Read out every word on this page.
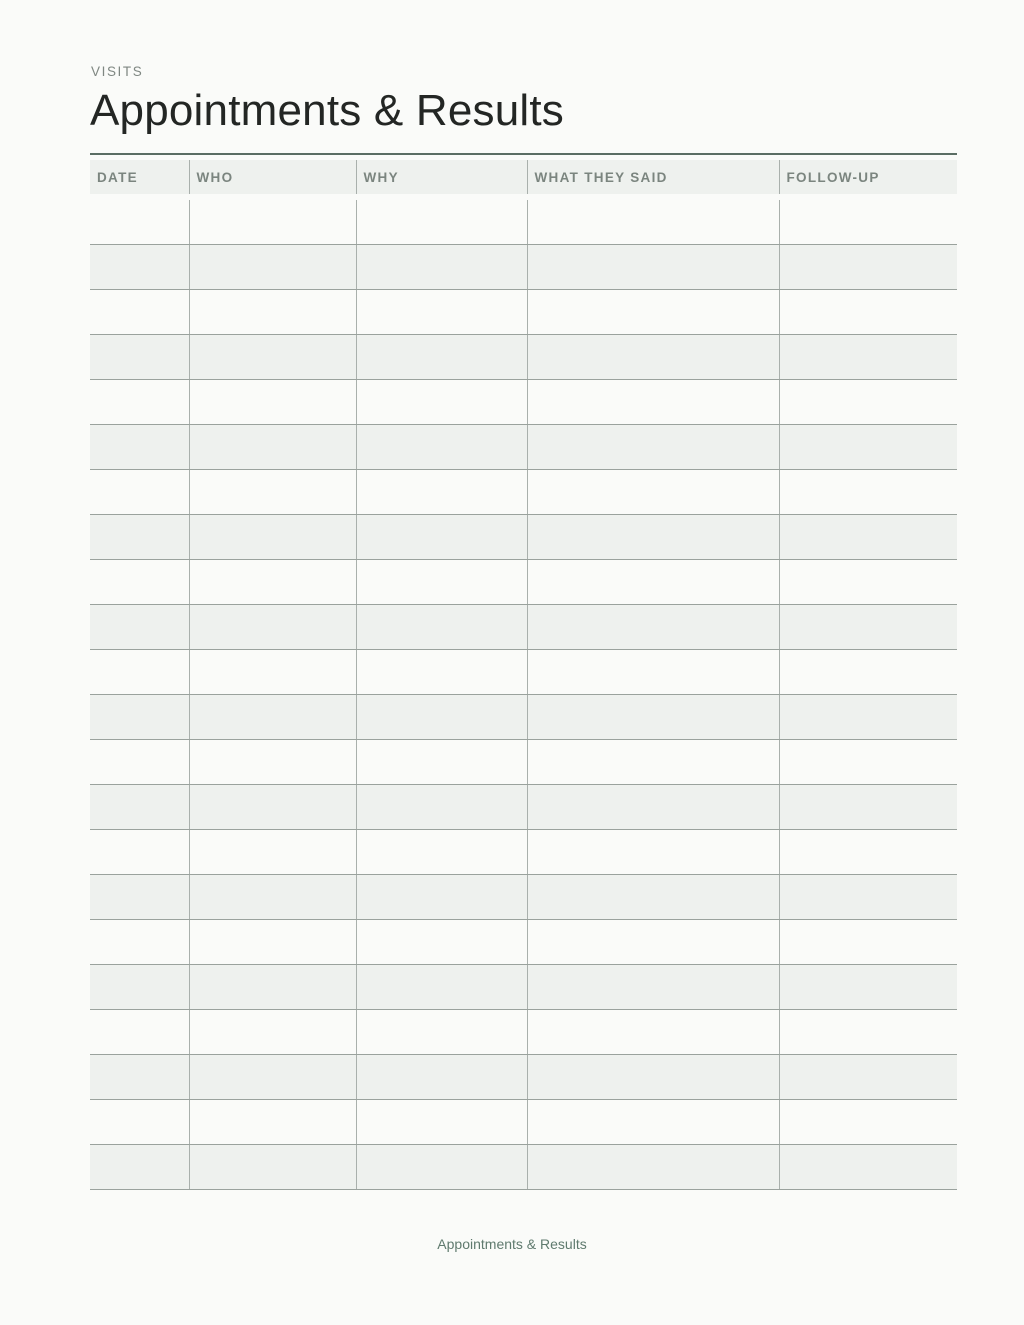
VISITS
Appointments & Results
DATE	WHO	WHY	WHAT THEY SAID	FOLLOW-UP

Appointments & Results
